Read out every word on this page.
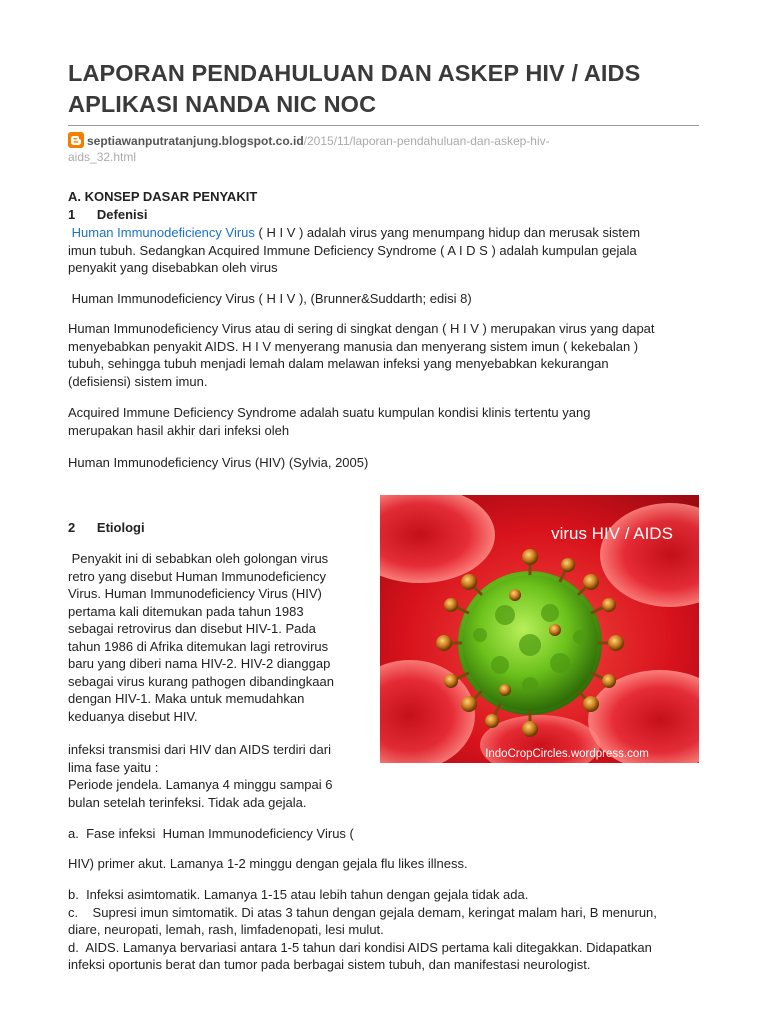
LAPORAN PENDAHULUAN DAN ASKEP HIV / AIDS
APLIKASI NANDA NIC NOC
septiawanputratanjung.blogspot.co.id/2015/11/laporan-pendahuluan-dan-askep-hiv-
aids_32.html
A. KONSEP DASAR PENYAKIT
1      Defenisi

Human Immunodeficiency Virus ( H I V ) adalah virus yang menumpang hidup dan merusak sistem

imun tubuh. Sedangkan Acquired Immune Deficiency Syndrome ( A I D S ) adalah kumpulan gejala

penyakit yang disebabkan oleh virus

Human Immunodeficiency Virus ( H I V ), (Brunner&Suddarth; edisi 8)

Human Immunodeficiency Virus atau di sering di singkat dengan ( H I V ) merupakan virus yang dapat

menyebabkan penyakit AIDS. H I V menyerang manusia dan menyerang sistem imun ( kekebalan )

tubuh, sehingga tubuh menjadi lemah dalam melawan infeksi yang menyebabkan kekurangan

(defisiensi) sistem imun.

Acquired Immune Deficiency Syndrome adalah suatu kumpulan kondisi klinis tertentu yang

merupakan hasil akhir dari infeksi oleh

Human Immunodeficiency Virus (HIV) (Sylvia, 2005)
2      Etiologi

Penyakit ini di sebabkan oleh golongan virus

retro yang disebut Human Immunodeficiency

Virus. Human Immunodeficiency Virus (HIV)

pertama kali ditemukan pada tahun 1983

sebagai retrovirus dan disebut HIV-1. Pada

tahun 1986 di Afrika ditemukan lagi retrovirus

baru yang diberi nama HIV-2. HIV-2 dianggap

sebagai virus kurang pathogen dibandingkaan

dengan HIV-1. Maka untuk memudahkan

keduanya disebut HIV.

infeksi transmisi dari HIV dan AIDS terdiri dari

lima fase yaitu :

Periode jendela. Lamanya 4 minggu sampai 6

bulan setelah terinfeksi. Tidak ada gejala.

virus HIV / AIDS
IndoCropCircles.wordpress.com
a.  Fase infeksi  Human Immunodeficiency Virus (
HIV) primer akut. Lamanya 1-2 minggu dengan gejala flu likes illness.

b.  Infeksi asimtomatik. Lamanya 1-15 atau lebih tahun dengan gejala tidak ada.

c.    Supresi imun simtomatik. Di atas 3 tahun dengan gejala demam, keringat malam hari, B menurun,

diare, neuropati, lemah, rash, limfadenopati, lesi mulut.

d.  AIDS. Lamanya bervariasi antara 1-5 tahun dari kondisi AIDS pertama kali ditegakkan. Didapatkan

infeksi oportunis berat dan tumor pada berbagai sistem tubuh, dan manifestasi neurologist.
